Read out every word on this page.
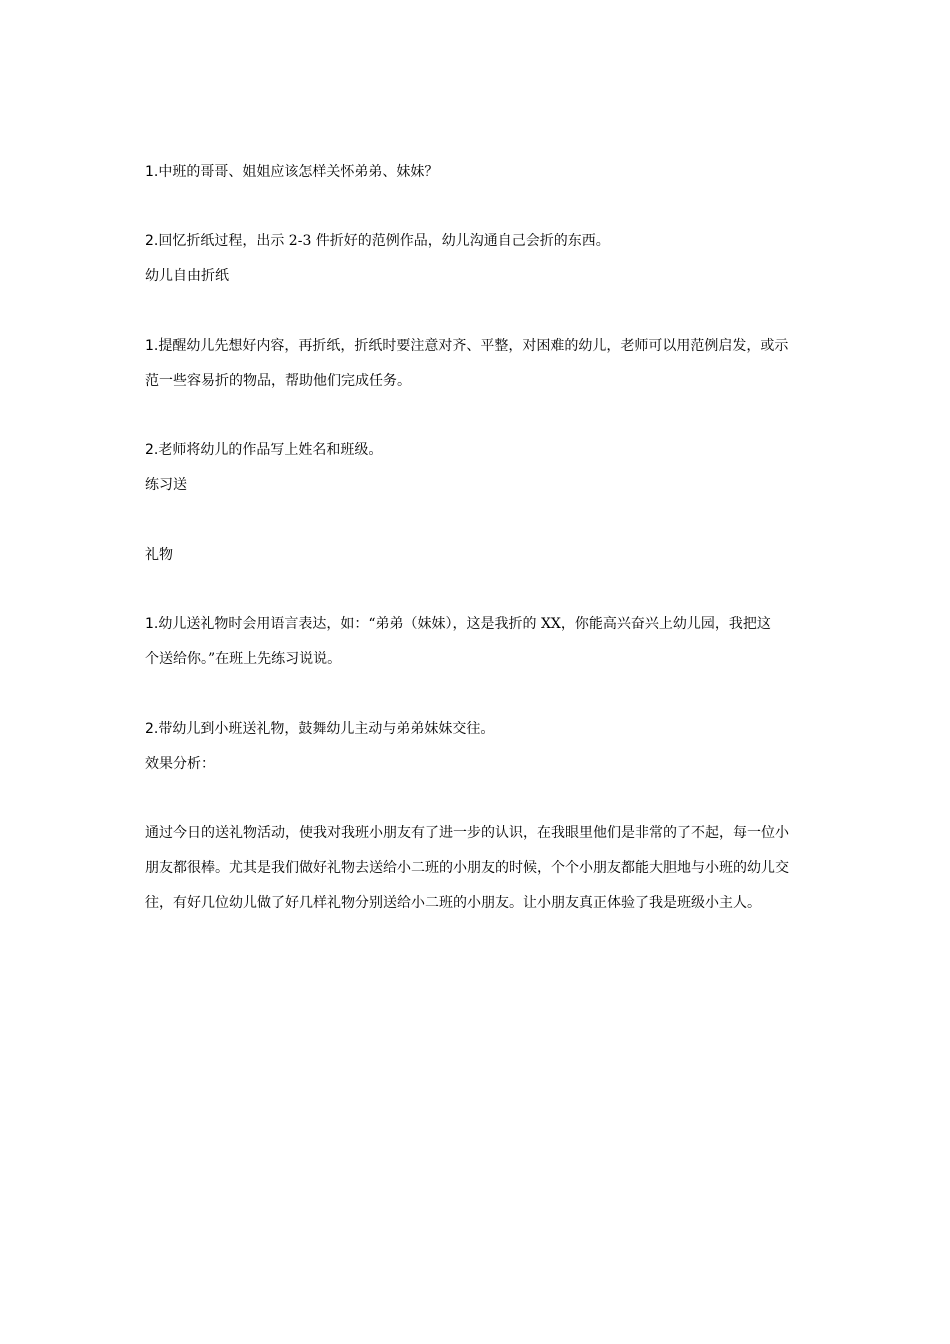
1.中班的哥哥、姐姐应该怎样关怀弟弟、妹妹？
2.回忆折纸过程，出示 2-3 件折好的范例作品，幼儿沟通自己会折的东西。
幼儿自由折纸
1.提醒幼儿先想好内容，再折纸，折纸时要注意对齐、平整，对困难的幼儿，老师可以用范例启发，或示
范一些容易折的物品，帮助他们完成任务。
2.老师将幼儿的作品写上姓名和班级。
练习送
礼物
1.幼儿送礼物时会用语言表达，如：“弟弟（妹妹），这是我折的 XX，你能高兴奋兴上幼儿园，我把这
个送给你。”在班上先练习说说。
2.带幼儿到小班送礼物，鼓舞幼儿主动与弟弟妹妹交往。
效果分析：
通过今日的送礼物活动，使我对我班小朋友有了进一步的认识，在我眼里他们是非常的了不起，每一位小
朋友都很棒。尤其是我们做好礼物去送给小二班的小朋友的时候，个个小朋友都能大胆地与小班的幼儿交
往，有好几位幼儿做了好几样礼物分别送给小二班的小朋友。让小朋友真正体验了我是班级小主人。
